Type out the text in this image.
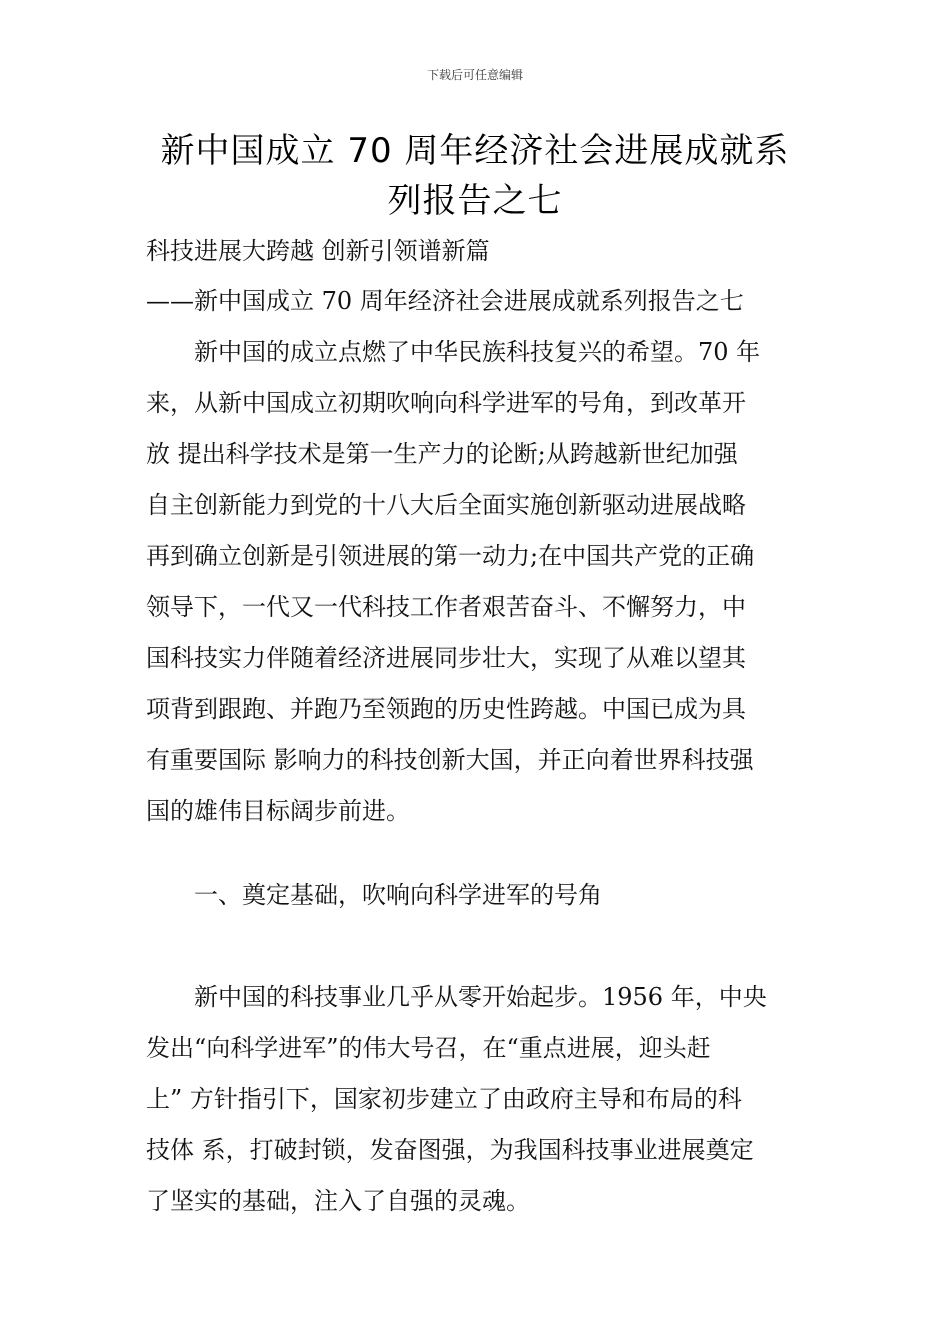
下载后可任意编辑
新中国成立 70 周年经济社会进展成就系
列报告之七
科技进展大跨越 创新引领谱新篇
——新中国成立 70 周年经济社会进展成就系列报告之七
　　新中国的成立点燃了中华民族科技复兴的希望。70 年
来，从新中国成立初期吹响向科学进军的号角，到改革开
放 提出科学技术是第一生产力的论断;从跨越新世纪加强
自主创新能力到党的十八大后全面实施创新驱动进展战略
再到确立创新是引领进展的第一动力;在中国共产党的正确
领导下，一代又一代科技工作者艰苦奋斗、不懈努力，中
国科技实力伴随着经济进展同步壮大，实现了从难以望其
项背到跟跑、并跑乃至领跑的历史性跨越。中国已成为具
有重要国际 影响力的科技创新大国，并正向着世界科技强
国的雄伟目标阔步前进。
　　一、奠定基础，吹响向科学进军的号角
　　新中国的科技事业几乎从零开始起步。1956 年，中央
发出“向科学进军”的伟大号召，在“重点进展，迎头赶
上” 方针指引下，国家初步建立了由政府主导和布局的科
技体 系，打破封锁，发奋图强，为我国科技事业进展奠定
了坚实的基础，注入了自强的灵魂。
